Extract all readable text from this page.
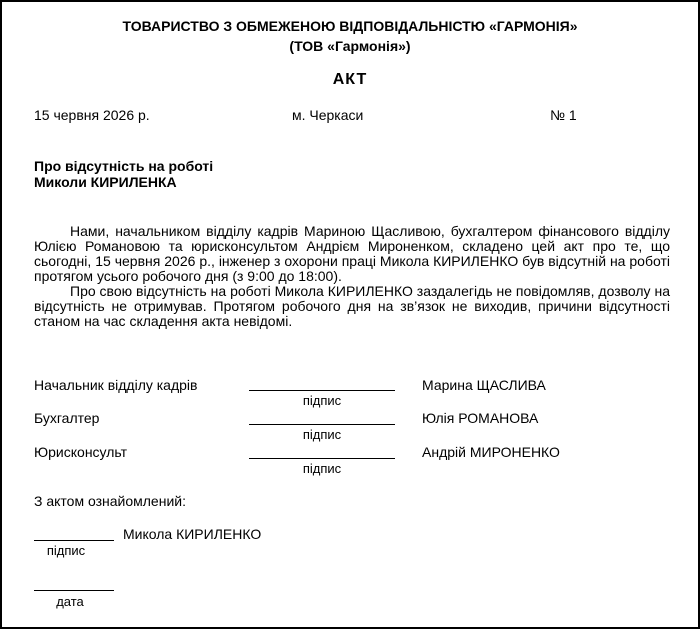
ТОВАРИСТВО З ОБМЕЖЕНОЮ ВІДПОВІДАЛЬНІСТЮ «ГАРМОНІЯ»
(ТОВ «Гармонія»)
АКТ
15 червня 2026 р.	м. Черкаси	№ 1
Про відсутність на роботі
Миколи КИРИЛЕНКА

Нами, начальником відділу кадрів Мариною Щасливою, бухгалтером фінансового відділу Юлією Романовою та юрисконсультом Андрієм Мироненком, складено цей акт про те, що сьогодні, 15 червня 2026 р., інженер з охорони праці Микола КИРИЛЕНКО був відсутній на роботі протягом усього робочого дня (з 9:00 до 18:00).

Про свою відсутність на роботі Микола КИРИЛЕНКО заздалегідь не повідомляв, дозволу на відсутність не отримував. Протягом робочого дня на зв’язок не виходив, причини відсутності станом на час складення акта невідомі.

Начальник відділу кадрів
підпис
Марина ЩАСЛИВА
Бухгалтер
підпис
Юлія РОМАНОВА
Юрисконсульт
підпис
Андрій МИРОНЕНКО
З актом ознайомлений:
Микола КИРИЛЕНКО
підпис
дата
